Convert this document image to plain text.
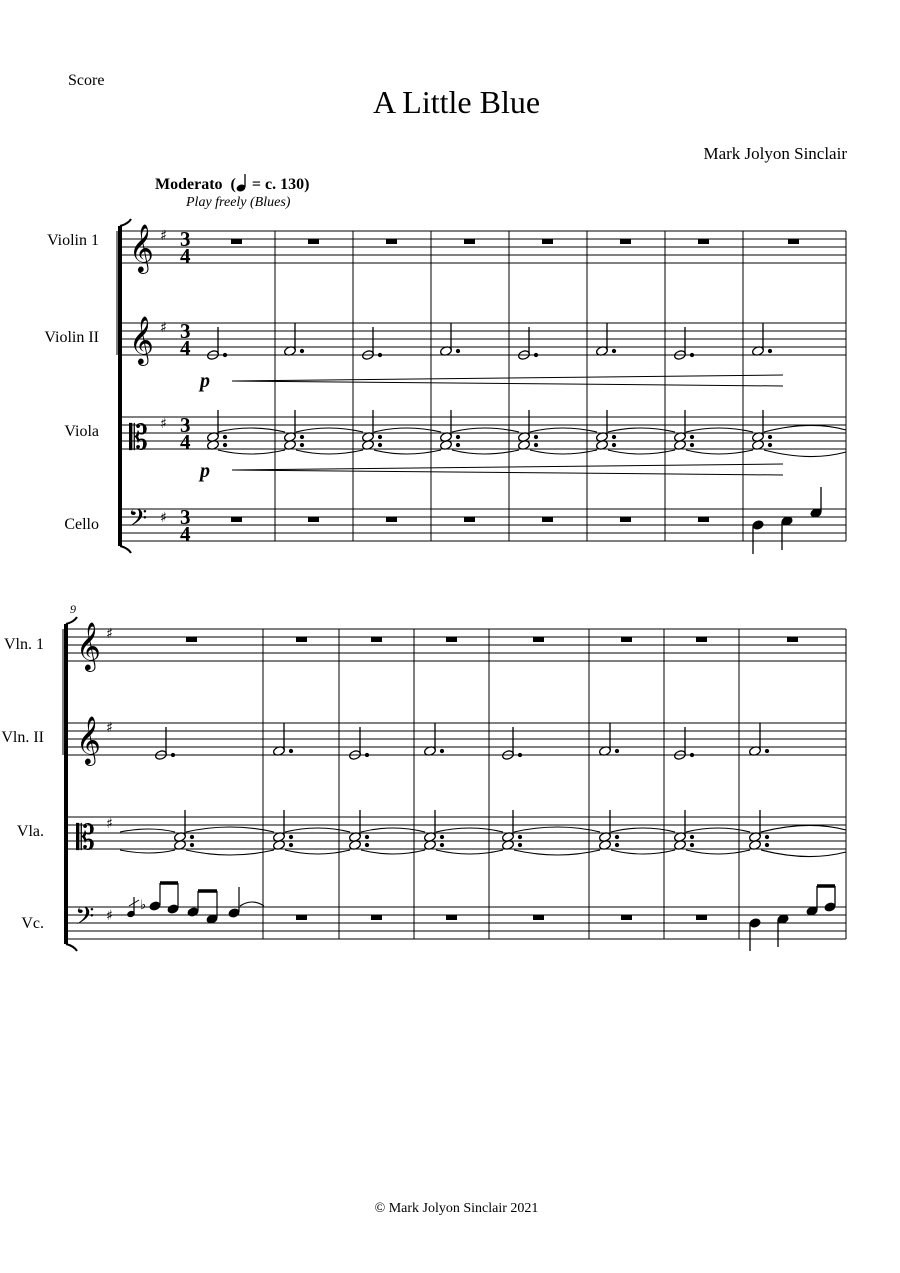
Score
A Little Blue
Mark Jolyon Sinclair
Moderato  ( = c. 130)
Play freely (Blues)
Violin 1
Violin II
Viola
Cello
Vln. 1
Vln. II
Vla.
Vc.
9
𝄞
𝄞
𝄡
𝄢
♯
♯
♯
♯
3
4
3
4
3
4
3
4
p
p
𝄞
𝄞
𝄡
𝄢
♯
♯
♯
♯
♭
© Mark Jolyon Sinclair 2021
